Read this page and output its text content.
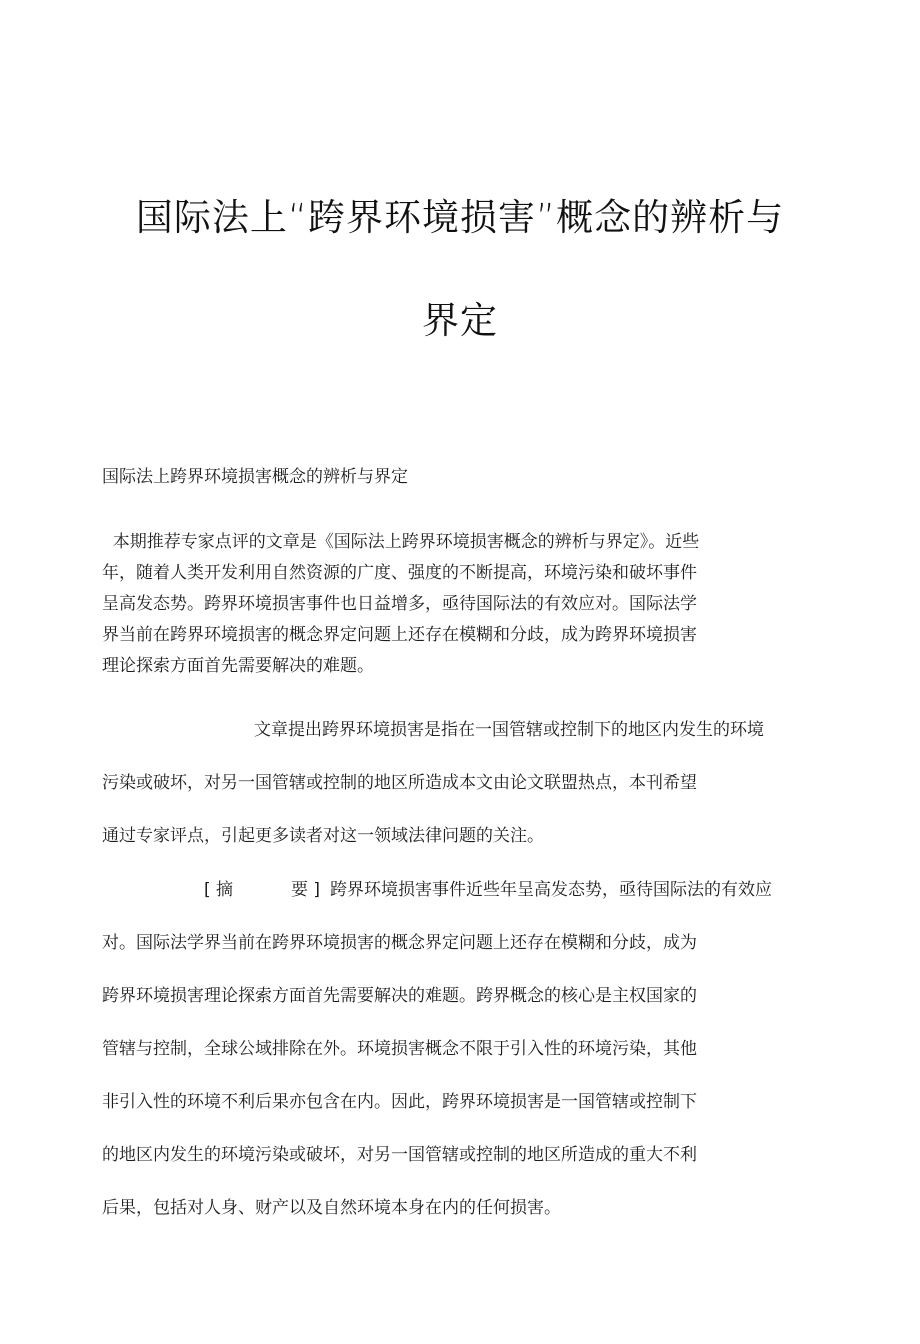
国际法上“跨界环境损害”概念的辨析与
界定
国际法上跨界环境损害概念的辨析与界定
本期推荐专家点评的文章是《国际法上跨界环境损害概念的辨析与界定》。近些
年，随着人类开发利用自然资源的广度、强度的不断提高，环境污染和破坏事件
呈高发态势。跨界环境损害事件也日益增多，亟待国际法的有效应对。国际法学
界当前在跨界环境损害的概念界定问题上还存在模糊和分歧，成为跨界环境损害
理论探索方面首先需要解决的难题。
文章提出跨界环境损害是指在一国管辖或控制下的地区内发生的环境
污染或破坏，对另一国管辖或控制的地区所造成本文由论文联盟热点，本刊希望
通过专家评点，引起更多读者对这一领域法律问题的关注。
[ 摘	要 ] 跨界环境损害事件近些年呈高发态势，亟待国际法的有效应
对。国际法学界当前在跨界环境损害的概念界定问题上还存在模糊和分歧，成为
跨界环境损害理论探索方面首先需要解决的难题。跨界概念的核心是主权国家的
管辖与控制，全球公域排除在外。环境损害概念不限于引入性的环境污染，其他
非引入性的环境不利后果亦包含在内。因此，跨界环境损害是一国管辖或控制下
的地区内发生的环境污染或破坏，对另一国管辖或控制的地区所造成的重大不利
后果，包括对人身、财产以及自然环境本身在内的任何损害。
